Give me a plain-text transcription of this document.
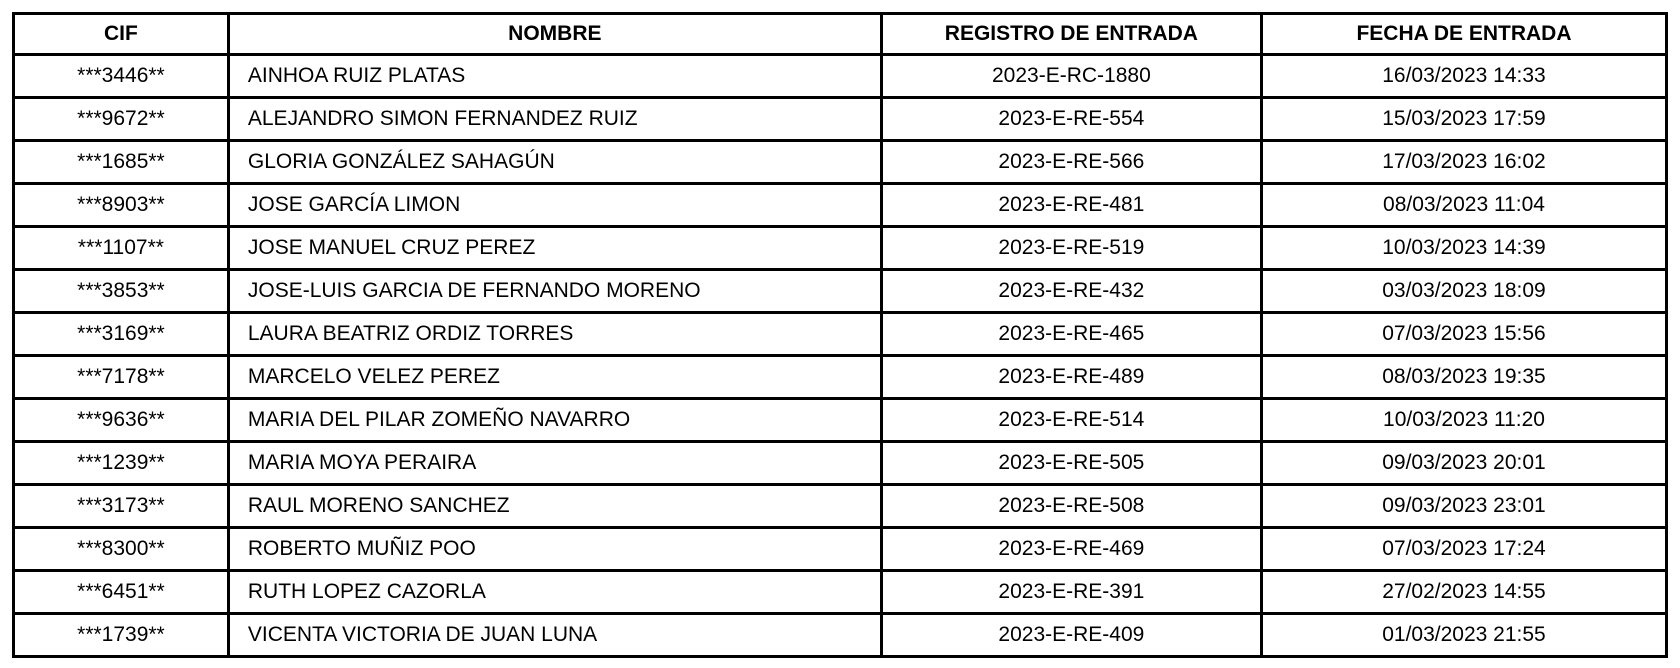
CIF	NOMBRE	REGISTRO DE ENTRADA	FECHA DE ENTRADA
***3446**	AINHOA RUIZ PLATAS	2023-E-RC-1880	16/03/2023 14:33
***9672**	ALEJANDRO SIMON FERNANDEZ RUIZ	2023-E-RE-554	15/03/2023 17:59
***1685**	GLORIA GONZÁLEZ SAHAGÚN	2023-E-RE-566	17/03/2023 16:02
***8903**	JOSE GARCÍA LIMON	2023-E-RE-481	08/03/2023 11:04
***1107**	JOSE MANUEL CRUZ PEREZ	2023-E-RE-519	10/03/2023 14:39
***3853**	JOSE-LUIS GARCIA DE FERNANDO MORENO	2023-E-RE-432	03/03/2023 18:09
***3169**	LAURA BEATRIZ ORDIZ TORRES	2023-E-RE-465	07/03/2023 15:56
***7178**	MARCELO VELEZ PEREZ	2023-E-RE-489	08/03/2023 19:35
***9636**	MARIA DEL PILAR ZOMEÑO NAVARRO	2023-E-RE-514	10/03/2023 11:20
***1239**	MARIA MOYA PERAIRA	2023-E-RE-505	09/03/2023 20:01
***3173**	RAUL MORENO SANCHEZ	2023-E-RE-508	09/03/2023 23:01
***8300**	ROBERTO MUÑIZ POO	2023-E-RE-469	07/03/2023 17:24
***6451**	RUTH LOPEZ CAZORLA	2023-E-RE-391	27/02/2023 14:55
***1739**	VICENTA VICTORIA DE JUAN LUNA	2023-E-RE-409	01/03/2023 21:55
